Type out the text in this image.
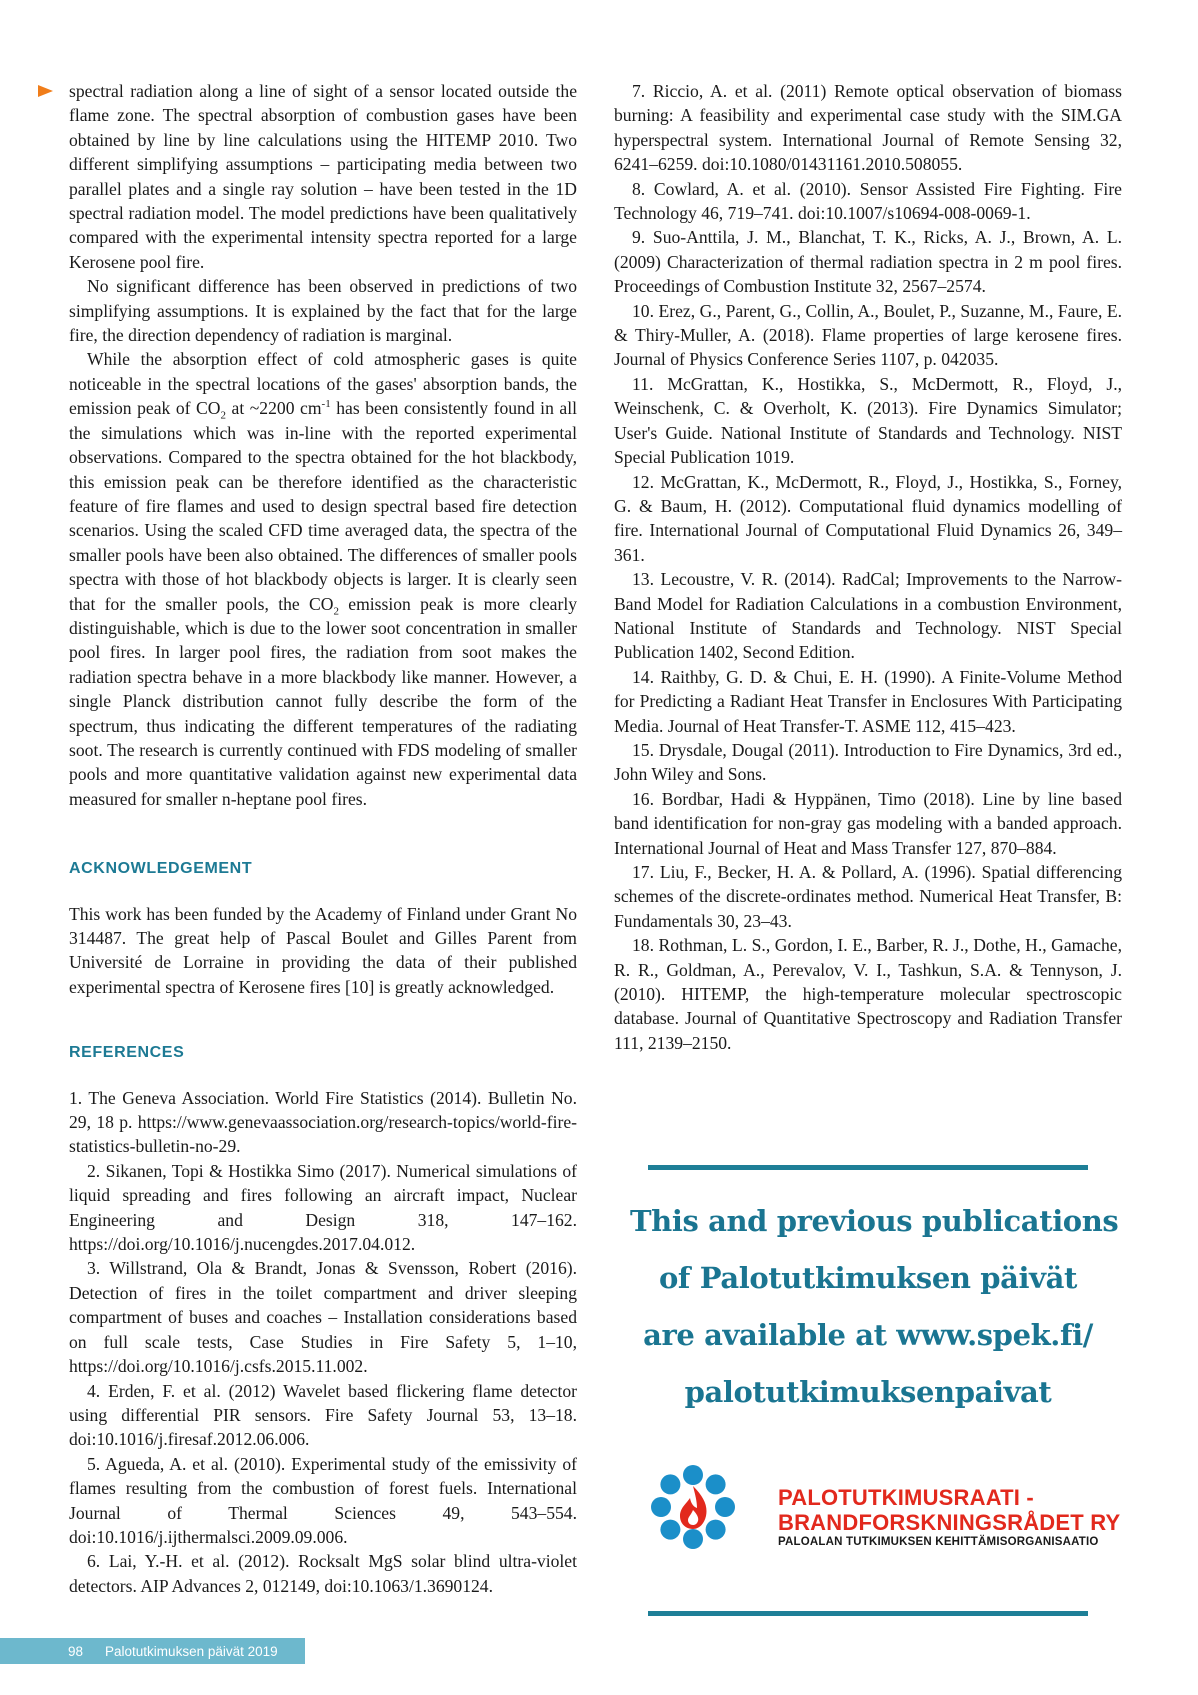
spectral radiation along a line of sight of a sensor located outside the flame zone. The spectral absorption of combustion gases have been obtained by line by line calculations using the HITEMP 2010. Two different simplifying assumptions – participating media between two parallel plates and a single ray solution – have been tested in the 1D spectral radiation model. The model predictions have been qualitatively compared with the experimental intensity spectra reported for a large Kerosene pool fire.

No significant difference has been observed in predictions of two simplifying assumptions. It is explained by the fact that for the large fire, the direction dependency of radiation is marginal.

While the absorption effect of cold atmospheric gases is quite noticeable in the spectral locations of the gases' absorption bands, the emission peak of $CO_2$ at ~2200 $cm^{-1}$ has been consistently found in all the simulations which was in-line with the reported experimental observations. Compared to the spectra obtained for the hot blackbody, this emission peak can be therefore identified as the characteristic feature of fire flames and used to design spectral based fire detection scenarios. Using the scaled CFD time averaged data, the spectra of the smaller pools have been also obtained. The differences of smaller pools spectra with those of hot blackbody objects is larger. It is clearly seen that for the smaller pools, the $CO_2$ emission peak is more clearly distinguishable, which is due to the lower soot concentration in smaller pool fires. In larger pool fires, the radiation from soot makes the radiation spectra behave in a more blackbody like manner. However, a single Planck distribution cannot fully describe the form of the spectrum, thus indicating the different temperatures of the radiating soot. The research is currently continued with FDS modeling of smaller pools and more quantitative validation against new experimental data measured for smaller n-heptane pool fires.

ACKNOWLEDGEMENT

This work has been funded by the Academy of Finland under Grant No 314487. The great help of Pascal Boulet and Gilles Parent from Université de Lorraine in providing the data of their published experimental spectra of Kerosene fires [10] is greatly acknowledged.

REFERENCES

1. The Geneva Association. World Fire Statistics (2014). Bulletin No. 29, 18 p. https://www.genevaassociation.org/research-topics/world-fire-statistics-bulletin-no-29.

2. Sikanen, Topi & Hostikka Simo (2017). Numerical simulations of liquid spreading and fires following an aircraft impact, Nuclear Engineering and Design 318, 147–162. https://doi.org/10.1016/j.nucengdes.2017.04.012.

3. Willstrand, Ola & Brandt, Jonas & Svensson, Robert (2016). Detection of fires in the toilet compartment and driver sleeping compartment of buses and coaches – Installation considerations based on full scale tests, Case Studies in Fire Safety 5, 1–10, https://doi.org/10.1016/j.csfs.2015.11.002.

4. Erden, F. et al. (2012) Wavelet based flickering flame detector using differential PIR sensors. Fire Safety Journal 53, 13–18. doi:10.1016/j.firesaf.2012.06.006.

5. Agueda, A. et al. (2010). Experimental study of the emissivity of flames resulting from the combustion of forest fuels. International Journal of Thermal Sciences 49, 543–554. doi:10.1016/j.ijthermalsci.2009.09.006.

6. Lai, Y.-H. et al. (2012). Rocksalt MgS solar blind ultra-violet detectors. AIP Advances 2, 012149, doi:10.1063/1.3690124.

7. Riccio, A. et al. (2011) Remote optical observation of biomass burning: A feasibility and experimental case study with the SIM.GA hyperspectral system. International Journal of Remote Sensing 32, 6241–6259. doi:10.1080/01431161.2010.508055.

8. Cowlard, A. et al. (2010). Sensor Assisted Fire Fighting. Fire Technology 46, 719–741. doi:10.1007/s10694-008-0069-1.

9. Suo-Anttila, J. M., Blanchat, T. K., Ricks, A. J., Brown, A. L. (2009) Characterization of thermal radiation spectra in 2 m pool fires. Proceedings of Combustion Institute 32, 2567–2574.

10. Erez, G., Parent, G., Collin, A., Boulet, P., Suzanne, M., Faure, E. & Thiry-Muller, A. (2018). Flame properties of large kerosene fires. Journal of Physics Conference Series 1107, p. 042035.

11. McGrattan, K., Hostikka, S., McDermott, R., Floyd, J., Weinschenk, C. & Overholt, K. (2013). Fire Dynamics Simulator; User's Guide. National Institute of Standards and Technology. NIST Special Publication 1019.

12. McGrattan, K., McDermott, R., Floyd, J., Hostikka, S., Forney, G. & Baum, H. (2012). Computational fluid dynamics modelling of fire. International Journal of Computational Fluid Dynamics 26, 349–361.

13. Lecoustre, V. R. (2014). RadCal; Improvements to the Narrow-Band Model for Radiation Calculations in a combustion Environment, National Institute of Standards and Technology. NIST Special Publication 1402, Second Edition.

14. Raithby, G. D. & Chui, E. H. (1990). A Finite-Volume Method for Predicting a Radiant Heat Transfer in Enclosures With Participating Media. Journal of Heat Transfer-T. ASME 112, 415–423.

15. Drysdale, Dougal (2011). Introduction to Fire Dynamics, 3rd ed., John Wiley and Sons.

16. Bordbar, Hadi & Hyppänen, Timo (2018). Line by line based band identification for non-gray gas modeling with a banded approach. International Journal of Heat and Mass Transfer 127, 870–884.

17. Liu, F., Becker, H. A. & Pollard, A. (1996). Spatial differencing schemes of the discrete-ordinates method. Numerical Heat Transfer, B: Fundamentals 30, 23–43.

18. Rothman, L. S., Gordon, I. E., Barber, R. J., Dothe, H., Gamache, R. R., Goldman, A., Perevalov, V. I., Tashkun, S.A. & Tennyson, J. (2010). HITEMP, the high-temperature molecular spectroscopic database. Journal of Quantitative Spectroscopy and Radiation Transfer 111, 2139–2150.

This and previous publications
of Palotutkimuksen päivät
are available at www.spek.fi/
palotutkimuksenpaivat
PALOTUTKIMUSRAATI -
BRANDFORSKNINGSRÅDET RY
PALOALAN TUTKIMUKSEN KEHITTÄMISORGANISAATIO
98 Palotutkimuksen päivät 2019
